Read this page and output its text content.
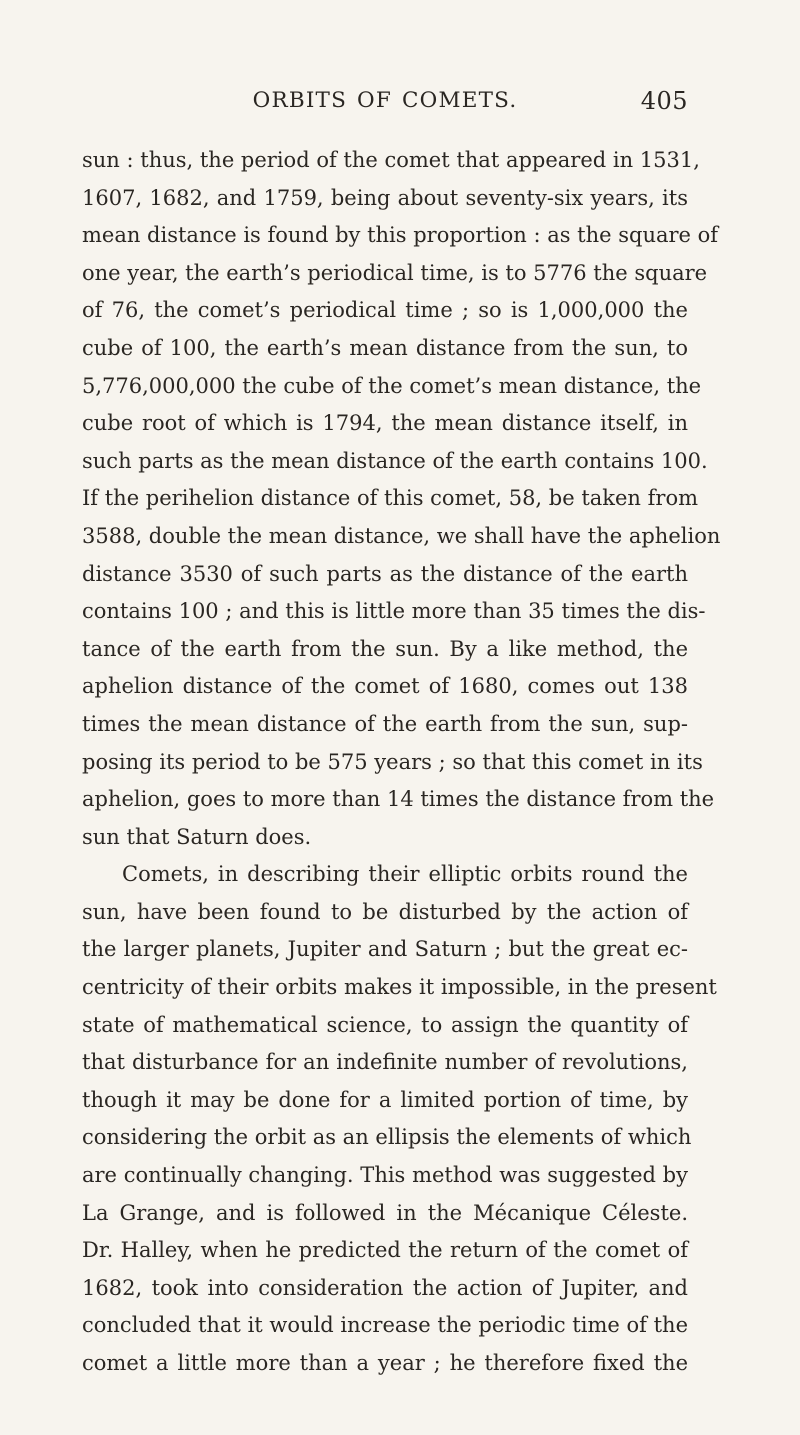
ORBITS OF COMETS.	405
sun : thus, the period of the comet that appeared in 1531,
1607, 1682, and 1759, being about seventy-six years, its
mean distance is found by this proportion : as the square of
one year, the earth’s periodical time, is to 5776 the square
of 76, the comet’s periodical time ; so is 1,000,000 the
cube of 100, the earth’s mean distance from the sun, to
5,776,000,000 the cube of the comet’s mean distance, the
cube root of which is 1794, the mean distance itself, in
such parts as the mean distance of the earth contains 100.
If the perihelion distance of this comet, 58, be taken from
3588, double the mean distance, we shall have the aphelion
distance 3530 of such parts as the distance of the earth
contains 100 ; and this is little more than 35 times the dis-
tance of the earth from the sun. By a like method, the
aphelion distance of the comet of 1680, comes out 138
times the mean distance of the earth from the sun, sup-
posing its period to be 575 years ; so that this comet in its
aphelion, goes to more than 14 times the distance from the
sun that Saturn does.
Comets, in describing their elliptic orbits round the
sun, have been found to be disturbed by the action of
the larger planets, Jupiter and Saturn ; but the great ec-
centricity of their orbits makes it impossible, in the present
state of mathematical science, to assign the quantity of
that disturbance for an indefinite number of revolutions,
though it may be done for a limited portion of time, by
considering the orbit as an ellipsis the elements of which
are continually changing. This method was suggested by
La Grange, and is followed in the Mécanique Céleste.
Dr. Halley, when he predicted the return of the comet of
1682, took into consideration the action of Jupiter, and
concluded that it would increase the periodic time of the
comet a little more than a year ; he therefore fixed the
